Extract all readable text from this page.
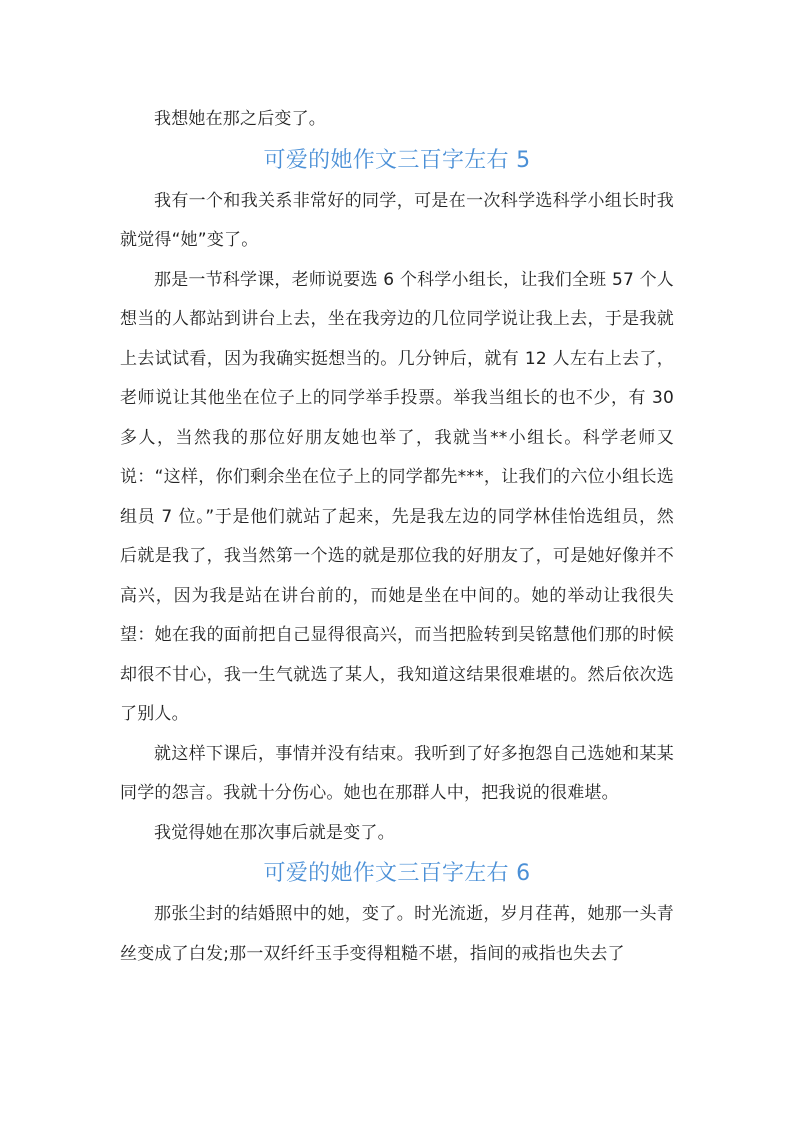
我想她在那之后变了。

可爱的她作文三百字左右 5

我有一个和我关系非常好的同学，可是在一次科学选科学小组长时我就觉得“她”变了。

那是一节科学课，老师说要选 6 个科学小组长，让我们全班 57 个人想当的人都站到讲台上去，坐在我旁边的几位同学说让我上去，于是我就上去试试看，因为我确实挺想当的。几分钟后，就有 12 人左右上去了，老师说让其他坐在位子上的同学举手投票。举我当组长的也不少，有 30 多人，当然我的那位好朋友她也举了，我就当**小组长。科学老师又说：“这样，你们剩余坐在位子上的同学都先***，让我们的六位小组长选组员 7 位。”于是他们就站了起来，先是我左边的同学林佳怡选组员，然后就是我了，我当然第一个选的就是那位我的好朋友了，可是她好像并不高兴，因为我是站在讲台前的，而她是坐在中间的。她的举动让我很失望：她在我的面前把自己显得很高兴，而当把脸转到吴铭慧他们那的时候却很不甘心，我一生气就选了某人，我知道这结果很难堪的。然后依次选了别人。

就这样下课后，事情并没有结束。我听到了好多抱怨自己选她和某某同学的怨言。我就十分伤心。她也在那群人中，把我说的很难堪。

我觉得她在那次事后就是变了。

可爱的她作文三百字左右 6

那张尘封的结婚照中的她，变了。时光流逝，岁月荏苒，她那一头青丝变成了白发;那一双纤纤玉手变得粗糙不堪，指间的戒指也失去了
